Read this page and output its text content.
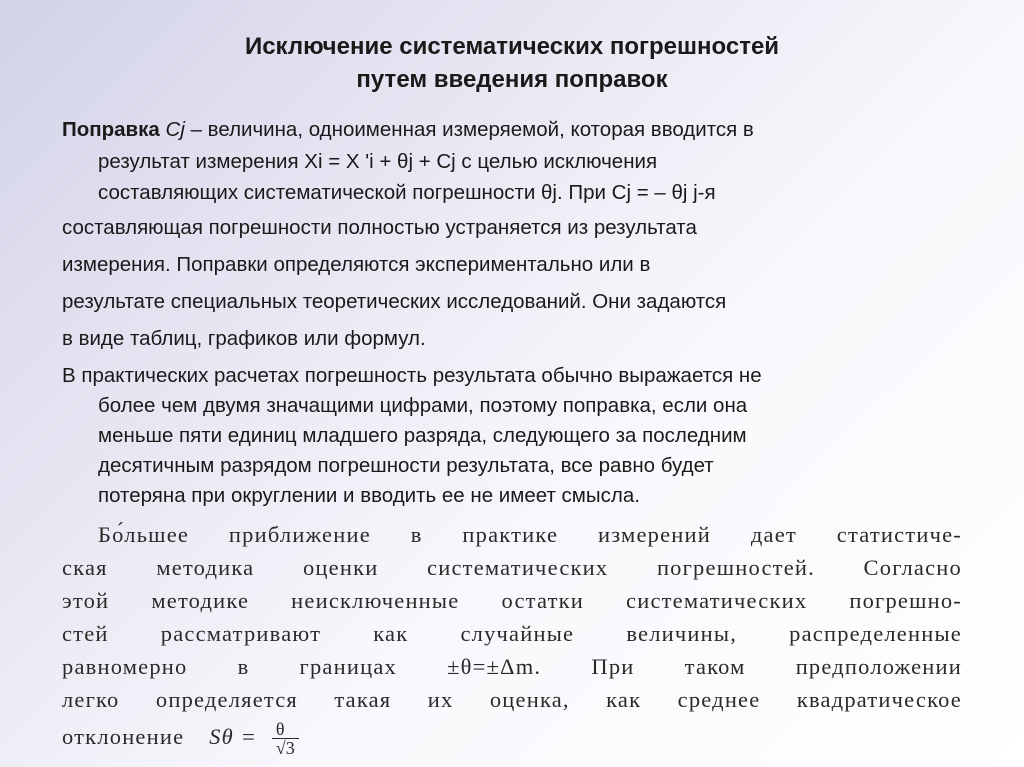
Исключение систематических погрешностей
путем введения поправок
Поправка Cj – величина, одноименная измеряемой, которая вводится в
результат измерения Xi = X 'i + θj + Cj с целью исключения
составляющих систематической погрешности θj. При Cj = – θj j-я
составляющая погрешности полностью устраняется из результата
измерения. Поправки определяются экспериментально или в
результате специальных теоретических исследований. Они задаются
в виде таблиц, графиков или формул.
В практических расчетах погрешность результата обычно выражается не
более чем двумя значащими цифрами, поэтому поправка, если она
меньше пяти единиц младшего разряда, следующего за последним
десятичным разрядом погрешности результата, все равно будет
потеряна при округлении и вводить ее не имеет смысла.
Бо́льшее приближение в практике измерений дает статистиче-
ская методика оценки систематических погрешностей. Согласно
этой методике неисключенные остатки систематических погрешно-
стей рассматривают как случайные величины, распределенные
равномерно в границах ±θ=±Δm. При таком предположении
легко определяется такая их оценка, как среднее квадратическое
отклонение $S\theta = \frac{\theta}{√3}$
